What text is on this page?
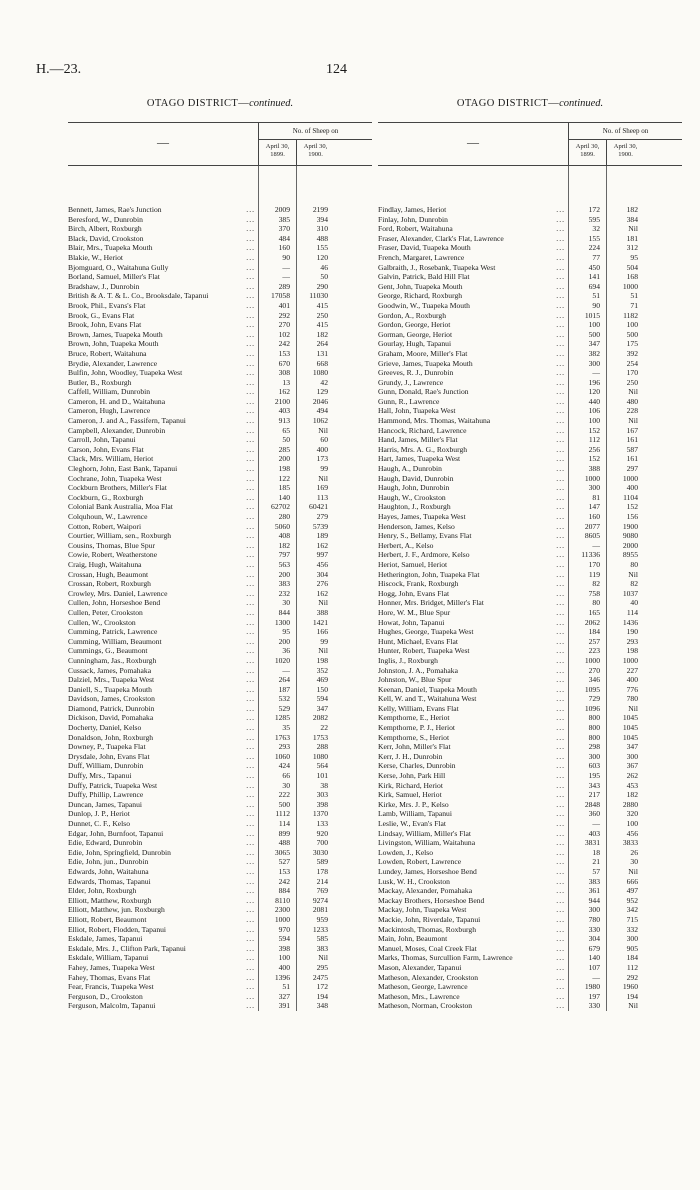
H.—23.	124
OTAGO DISTRICT—continued.
—
No. of Sheep on
April 30, 1899.
April 30, 1900.
Bennett, James, Rae's Junction ...	2009	2199
Beresford, W., Dunrobin ...	385	394
Birch, Albert, Roxburgh ...	370	310
Black, David, Crookston ...	484	488
Blair, Mrs., Tuapeka Mouth ...	160	155
Blakie, W., Heriot ...	90	120
Bjomguard, O., Waitahuna Gully ...	—	46
Borland, Samuel, Miller's Flat ...	—	50
Bradshaw, J., Dunrobin ...	289	290
British & A. T. & L. Co., Brooksdale, Tapanui ...	17058	11030
Brook, Phil., Evans's Flat ...	401	415
Brook, G., Evans Flat ...	292	250
Brook, John, Evans Flat ...	270	415
Brown, James, Tuapeka Mouth ...	102	182
Brown, John, Tuapeka Mouth ...	242	264
Bruce, Robert, Waitahuna ...	153	131
Brydie, Alexander, Lawrence ...	670	668
Bulfin, John, Woodley, Tuapeka West ...	308	1080
Butler, B., Roxburgh ...	13	42
Caffell, William, Dunrobin ...	162	129
Cameron, H. and D., Waitahuna ...	2100	2046
Cameron, Hugh, Lawrence ...	403	494
Cameron, J. and A., Fassifern, Tapanui ...	913	1062
Campbell, Alexander, Dunrobin ...	65	Nil
Carroll, John, Tapanui ...	50	60
Carson, John, Evans Flat ...	285	400
Clack, Mrs. William, Heriot ...	200	173
Cleghorn, John, East Bank, Tapanui ...	198	99
Cochrane, John, Tuapeka West ...	122	Nil
Cockburn Brothers, Miller's Flat ...	185	169
Cockburn, G., Roxburgh ...	140	113
Colonial Bank Australia, Moa Flat ...	62702	60421
Colquhoun, W., Lawrence ...	280	279
Cotton, Robert, Waipori ...	5060	5739
Courtier, William, sen., Roxburgh ...	408	189
Cousins, Thomas, Blue Spur ...	182	162
Cowie, Robert, Weatherstone ...	797	997
Craig, Hugh, Waitahuna ...	563	456
Crossan, Hugh, Beaumont ...	200	304
Crossan, Robert, Roxburgh ...	383	276
Crowley, Mrs. Daniel, Lawrence ...	232	162
Cullen, John, Horseshoe Bend ...	30	Nil
Cullen, Peter, Crookston ...	844	388
Cullen, W., Crookston ...	1300	1421
Cumming, Patrick, Lawrence ...	95	166
Cumming, William, Beaumont ...	200	99
Cummings, G., Beaumont ...	36	Nil
Cunningham, Jas., Roxburgh ...	1020	198
Cussack, James, Pomahaka ...	—	352
Dalziel, Mrs., Tuapeka West ...	264	469
Daniell, S., Tuapeka Mouth ...	187	150
Davidson, James, Crookston ...	532	594
Diamond, Patrick, Dunrobin ...	529	347
Dickison, David, Pomahaka ...	1285	2082
Docherty, Daniel, Kelso ...	35	22
Donaldson, John, Roxburgh ...	1763	1753
Downey, P., Tuapeka Flat ...	293	288
Drysdale, John, Evans Flat ...	1060	1080
Duff, William, Dunrobin ...	424	564
Duffy, Mrs., Tapanui ...	66	101
Duffy, Patrick, Tuapeka West ...	30	38
Duffy, Phillip, Lawrence ...	222	303
Duncan, James, Tapanui ...	500	398
Dunlop, J. P., Heriot ...	1112	1370
Dunnet, C. F., Kelso ...	114	133
Edgar, John, Burnfoot, Tapanui ...	899	920
Edie, Edward, Dunrobin ...	488	700
Edie, John, Springfield, Dunrobin ...	3065	3030
Edie, John, jun., Dunrobin ...	527	589
Edwards, John, Waitahuna ...	153	178
Edwards, Thomas, Tapanui ...	242	214
Elder, John, Roxburgh ...	884	769
Elliott, Matthew, Roxburgh ...	8110	9274
Elliott, Matthew, jun. Roxburgh ...	2300	2081
Elliott, Robert, Beaumont ...	1000	959
Elliot, Robert, Flodden, Tapanui ...	970	1233
Eskdale, James, Tapanui ...	594	585
Eskdale, Mrs. J., Clifton Park, Tapanui ...	398	383
Eskdale, William, Tapanui ...	100	Nil
Fahey, James, Tuapeka West ...	400	295
Fahey, Thomas, Evans Flat ...	1396	2475
Fear, Francis, Tuapeka West ...	51	172
Ferguson, D., Crookston ...	327	194
Ferguson, Malcolm, Tapanui ...	391	348
OTAGO DISTRICT—continued.
—
No. of Sheep on
April 30, 1899.
April 30, 1900.
Findlay, James, Heriot ...	172	182
Finlay, John, Dunrobin ...	595	384
Ford, Robert, Waitahuna ...	32	Nil
Fraser, Alexander, Clark's Flat, Lawrence ...	155	181
Fraser, David, Tuapeka Mouth ...	224	312
French, Margaret, Lawrence ...	77	95
Galbraith, J., Rosebank, Tuapeka West ...	450	504
Galvin, Patrick, Bald Hill Flat ...	141	168
Gent, John, Tuapeka Mouth ...	694	1000
George, Richard, Roxburgh ...	51	51
Goodwin, W., Tuapeka Mouth ...	90	71
Gordon, A., Roxburgh ...	1015	1182
Gordon, George, Heriot ...	100	100
Gorman, George, Heriot ...	500	500
Gourlay, Hugh, Tapanui ...	347	175
Graham, Moore, Miller's Flat ...	382	392
Grieve, James, Tuapeka Mouth ...	300	254
Greeves, R. J., Dunrobin ...	—	170
Grundy, J., Lawrence ...	196	250
Gunn, Donald, Rae's Junction ...	120	Nil
Gunn, R., Lawrence ...	440	480
Hall, John, Tuapeka West ...	106	228
Hammond, Mrs. Thomas, Waitahuna ...	100	Nil
Hancock, Richard, Lawrence ...	152	167
Hand, James, Miller's Flat ...	112	161
Harris, Mrs. A. G., Roxburgh ...	256	587
Hart, James, Tuapeka West ...	152	161
Haugh, A., Dunrobin ...	388	297
Haugh, David, Dunrobin ...	1000	1000
Haugh, John, Dunrobin ...	300	400
Haugh, W., Crookston ...	81	1104
Haughton, J., Roxburgh ...	147	152
Hayes, James, Tuapeka West ...	160	156
Henderson, James, Kelso ...	2077	1900
Henry, S., Bellamy, Evans Flat ...	8605	9080
Herbert, A., Kelso ...	—	2000
Herbert, J. F., Ardmore, Kelso ...	11336	8955
Heriot, Samuel, Heriot ...	170	80
Hetherington, John, Tuapeka Flat ...	119	Nil
Hiscock, Frank, Roxburgh ...	82	82
Hogg, John, Evans Flat ...	758	1037
Honner, Mrs. Bridget, Miller's Flat ...	80	40
Hore, W. M., Blue Spur ...	165	114
Howat, John, Tapanui ...	2062	1436
Hughes, George, Tuapeka West ...	184	190
Hunt, Michael, Evans Flat ...	257	293
Hunter, Robert, Tuapeka West ...	223	198
Inglis, J., Roxburgh ...	1000	1000
Johnston, J. A., Pomahaka ...	270	227
Johnston, W., Blue Spur ...	346	400
Keenan, Daniel, Tuapeka Mouth ...	1095	776
Kell, W. and T., Waitahuna West ...	729	780
Kelly, William, Evans Flat ...	1096	Nil
Kempthorne, E., Heriot ...	800	1045
Kempthorne, P. J., Heriot ...	800	1045
Kempthorne, S., Heriot ...	800	1045
Kerr, John, Miller's Flat ...	298	347
Kerr, J. H., Dunrobin ...	300	300
Kerse, Charles, Dunrobin ...	603	367
Kerse, John, Park Hill ...	195	262
Kirk, Richard, Heriot ...	343	453
Kirk, Samuel, Heriot ...	217	182
Kirke, Mrs. J. P., Kelso ...	2848	2880
Lamb, William, Tapanui ...	360	320
Leslie, W., Evan's Flat ...	—	100
Lindsay, William, Miller's Flat ...	403	456
Livingston, William, Waitahuna ...	3831	3833
Lowden, J., Kelso ...	18	26
Lowden, Robert, Lawrence ...	21	30
Lundey, James, Horseshoe Bend ...	57	Nil
Lusk, W. H., Crookston ...	383	666
Mackay, Alexander, Pomahaka ...	361	497
Mackay Brothers, Horseshoe Bend ...	944	952
Mackay, John, Tuapeka West ...	300	342
Mackie, John, Riverdale, Tapanui ...	780	715
Mackintosh, Thomas, Roxburgh ...	330	332
Main, John, Beaumont ...	304	300
Manuel, Moses, Coal Creek Flat ...	679	905
Marks, Thomas, Surcullion Farm, Lawrence ...	140	184
Mason, Alexander, Tapanui ...	107	112
Matheson, Alexander, Crookston ...	—	292
Matheson, George, Lawrence ...	1980	1960
Matheson, Mrs., Lawrence ...	197	194
Matheson, Norman, Crookston ...	330	Nil
